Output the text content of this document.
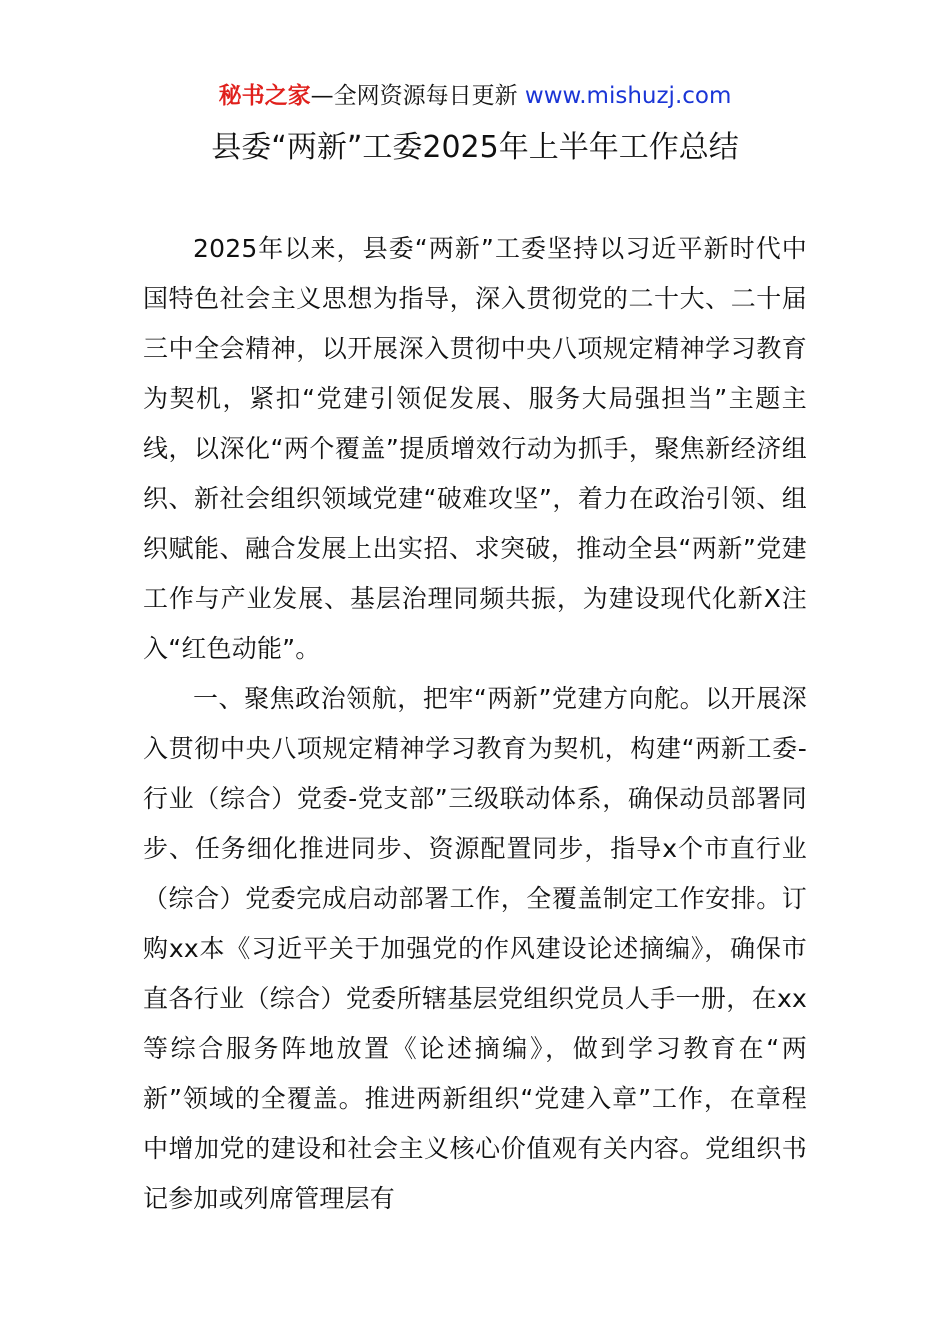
秘书之家—全网资源每日更新 www.mishuzj.com
县委“两新”工委2025年上半年工作总结

2025年以来，县委“两新”工委坚持以习近平新时代中国特色社会主义思想为指导，深入贯彻党的二十大、二十届三中全会精神，以开展深入贯彻中央八项规定精神学习教育为契机，紧扣“党建引领促发展、服务大局强担当”主题主线，以深化“两个覆盖”提质增效行动为抓手，聚焦新经济组织、新社会组织领域党建“破难攻坚”，着力在政治引领、组织赋能、融合发展上出实招、求突破，推动全县“两新”党建工作与产业发展、基层治理同频共振，为建设现代化新X注入“红色动能”。

一、聚焦政治领航，把牢“两新”党建方向舵。以开展深入贯彻中央八项规定精神学习教育为契机，构建“两新工委-行业（综合）党委-党支部”三级联动体系，确保动员部署同步、任务细化推进同步、资源配置同步，指导x个市直行业（综合）党委完成启动部署工作，全覆盖制定工作安排。订购xx本《习近平关于加强党的作风建设论述摘编》，确保市直各行业（综合）党委所辖基层党组织党员人手一册，在xx等综合服务阵地放置《论述摘编》，做到学习教育在“两新”领域的全覆盖。推进两新组织“党建入章”工作，在章程中增加党的建设和社会主义核心价值观有关内容。党组织书记参加或列席管理层有
